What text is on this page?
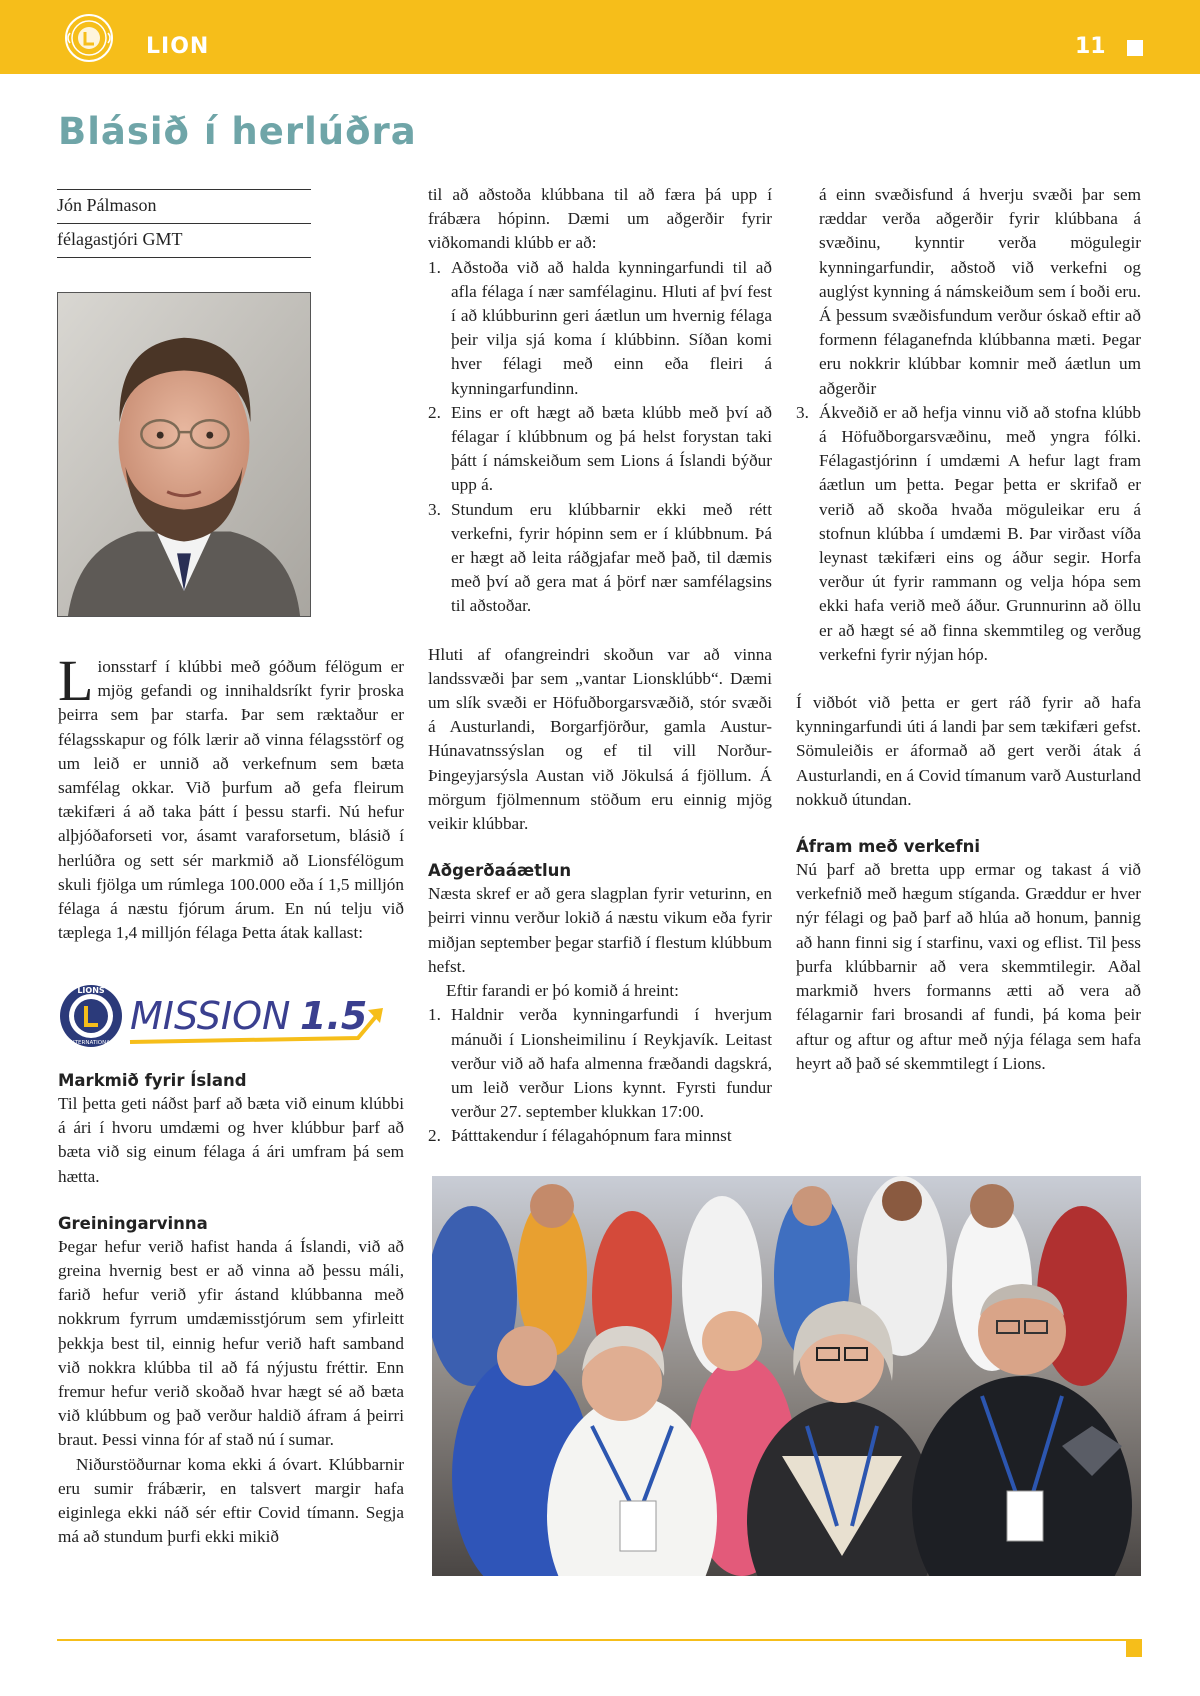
LION	11
Blásið í herlúðra
Jón Pálmason
félagastjóri GMT
Lionsstarf í klúbbi með góðum félögum er mjög gefandi og innihaldsríkt fyrir þroska þeirra sem þar starfa. Þar sem ræktaður er félagsskapur og fólk lærir að vinna félagsstörf og um leið er unnið að verkefnum sem bæta samfélag okkar. Við þurfum að gefa fleirum tækifæri á að taka þátt í þessu starfi. Nú hefur alþjóðaforseti vor, ásamt varaforsetum, blásið í herlúðra og sett sér markmið að Lionsfélögum skuli fjölga um rúmlega 100.000 eða í 1,5 milljón félaga á næstu fjórum árum. En nú telju við tæplega 1,4 milljón félaga Þetta átak kallast:
LIONS
INTERNATIONAL
MISSION 1.5
Markmið fyrir Ísland

Til þetta geti náðst þarf að bæta við einum klúbbi á ári í hvoru umdæmi og hver klúbbur þarf að bæta við sig einum félaga á ári umfram þá sem hætta.

Greiningarvinna

Þegar hefur verið hafist handa á Íslandi, við að greina hvernig best er að vinna að þessu máli, farið hefur verið yfir ástand klúbbanna með nokkrum fyrrum umdæmisstjórum sem yfirleitt þekkja best til, einnig hefur verið haft samband við nokkra klúbba til að fá nýjustu fréttir. Enn fremur hefur verið skoðað hvar hægt sé að bæta við klúbbum og það verður haldið áfram á þeirri braut. Þessi vinna fór af stað nú í sumar.

Niðurstöðurnar koma ekki á óvart. Klúbbarnir eru sumir frábærir, en talsvert margir hafa eiginlega ekki náð sér eftir Covid tímann. Segja má að stundum þurfi ekki mikið

til að aðstoða klúbbana til að færa þá upp í frábæra hópinn. Dæmi um aðgerðir fyrir viðkomandi klúbb er að:

1. Aðstoða við að halda kynningarfundi til að afla félaga í nær samfélaginu. Hluti af því fest í að klúbburinn geri áætlun um hvernig félaga þeir vilja sjá koma í klúbbinn. Síðan komi hver félagi með einn eða fleiri á kynningarfundinn.
2. Eins er oft hægt að bæta klúbb með því að félagar í klúbbnum og þá helst forystan taki þátt í námskeiðum sem Lions á Íslandi býður upp á.
3. Stundum eru klúbbarnir ekki með rétt verkefni, fyrir hópinn sem er í klúbbnum. Þá er hægt að leita ráðgjafar með það, til dæmis með því að gera mat á þörf nær samfélagsins til aðstoðar.

Hluti af ofangreindri skoðun var að vinna landssvæði þar sem „vantar Lionsklúbb“. Dæmi um slík svæði er Höfuðborgarsvæðið, stór svæði á Austurlandi, Borgarfjörður, gamla Austur-Húnavatnssýslan og ef til vill Norður-Þingeyjarsýsla Austan við Jökulsá á fjöllum. Á mörgum fjölmennum stöðum eru einnig mjög veikir klúbbar.

Aðgerðaáætlun

Næsta skref er að gera slagplan fyrir veturinn, en þeirri vinnu verður lokið á næstu vikum eða fyrir miðjan september þegar starfið í flestum klúbbum hefst.

Eftir farandi er þó komið á hreint:

1. Haldnir verða kynningarfundi í hverjum mánuði í Lionsheimilinu í Reykjavík. Leitast verður við að hafa almenna fræðandi dagskrá, um leið verður Lions kynnt. Fyrsti fundur verður 27. september klukkan 17:00.
2. Þátttakendur í félagahópnum fara minnst

á einn svæðisfund á hverju svæði þar sem ræddar verða aðgerðir fyrir klúbbana á svæðinu, kynntir verða mögulegir kynningarfundir, aðstoð við verkefni og auglýst kynning á námskeiðum sem í boði eru. Á þessum svæðisfundum verður óskað eftir að formenn félaganefnda klúbbanna mæti. Þegar eru nokkrir klúbbar komnir með áætlun um aðgerðir

3. Ákveðið er að hefja vinnu við að stofna klúbb á Höfuðborgarsvæðinu, með yngra fólki. Félagastjórinn í umdæmi A hefur lagt fram áætlun um þetta. Þegar þetta er skrifað er verið að skoða hvaða möguleikar eru á stofnun klúbba í umdæmi B. Þar virðast víða leynast tækifæri eins og áður segir. Horfa verður út fyrir rammann og velja hópa sem ekki hafa verið með áður. Grunnurinn að öllu er að hægt sé að finna skemmtileg og verðug verkefni fyrir nýjan hóp.

Í viðbót við þetta er gert ráð fyrir að hafa kynningarfundi úti á landi þar sem tækifæri gefst. Sömuleiðis er áformað að gert verði átak á Austurlandi, en á Covid tímanum varð Austurland nokkuð útundan.

Áfram með verkefni

Nú þarf að bretta upp ermar og takast á við verkefnið með hægum stíganda. Græddur er hver nýr félagi og það þarf að hlúa að honum, þannig að hann finni sig í starfinu, vaxi og eflist. Til þess þurfa klúbbarnir að vera skemmtilegir. Aðal markmið hvers formanns ætti að vera að félagarnir fari brosandi af fundi, þá koma þeir aftur og aftur og aftur með nýja félaga sem hafa heyrt að það sé skemmtilegt í Lions.
